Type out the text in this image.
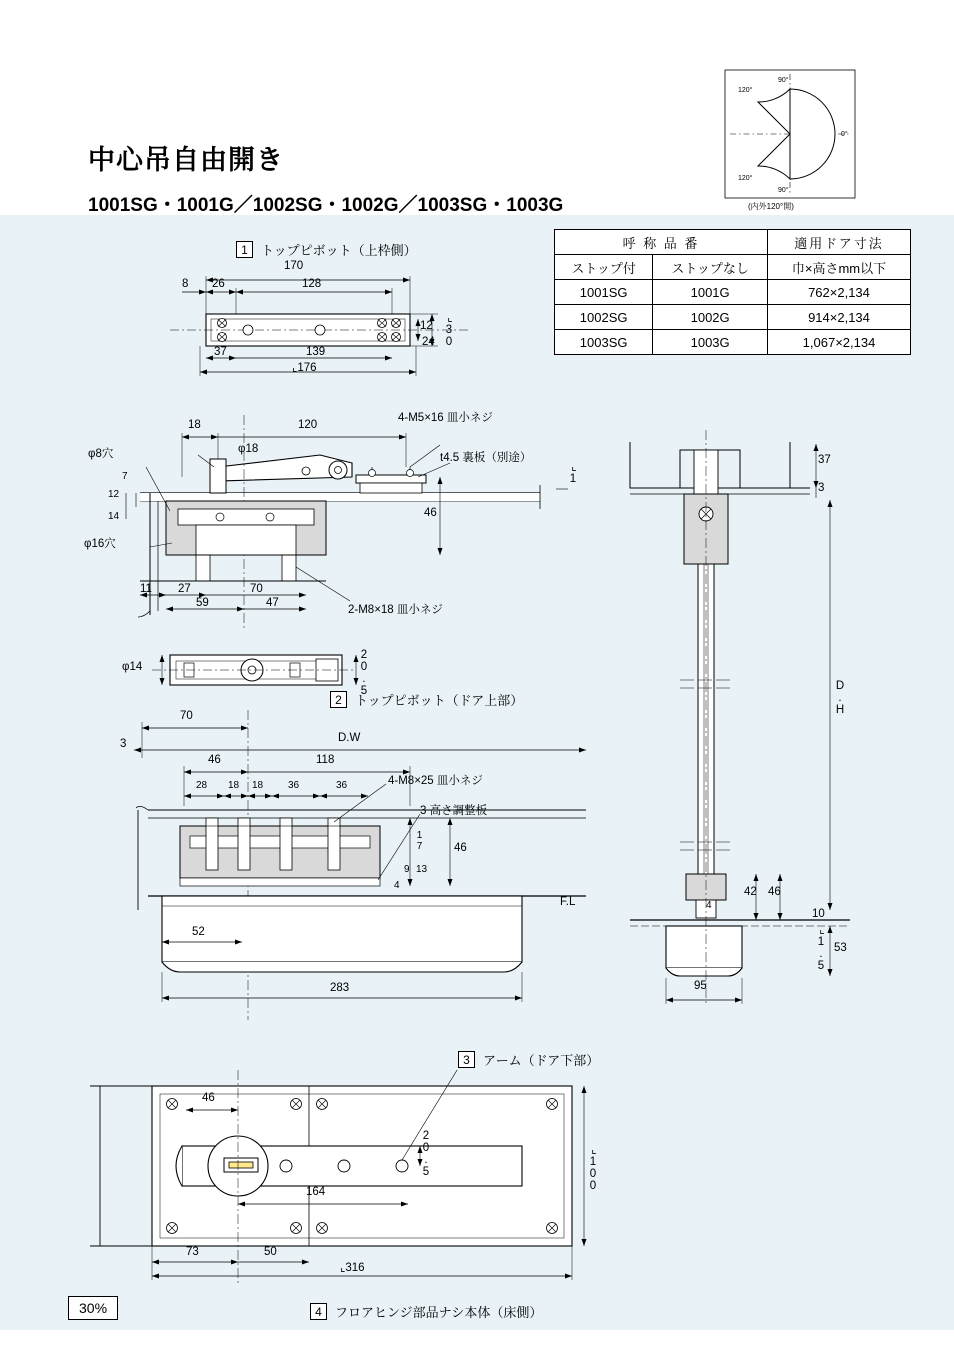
中心吊自由開き
1001SG・1001G／1002SG・1002G／1003SG・1003G
120°
90°
0°
90°
120°
(内外120°開)
呼 称 品 番		適用ドア寸法
ストップ付	ストップなし	巾×高さmm以下
1001SG	1001G	762×2,134
1002SG	1002G	914×2,134
1003SG	1003G	1,067×2,134
1	トップピボット（上枠側）
170
8 26	128
12
24 ⌞30
37	139
⌞176
18	120
φ18
φ8穴
φ16穴
7
12
14	46
11 27	70
59	47
2-M8×18 皿小ネジ
4-M5×16 皿小ネジ
t4.5 裏板（別途）
⌞1
φ14	20.5
2	トップピボット（ドア上部）
70
3	D.W
46	118
28 18 18 36	36	4-M8×25 皿小ネジ
3 高さ調整板
17
9 13
4
46
F.L
52
283
37
3
D.H
42 46
4
10
⌞1.5 53
95
3	アーム（ドア下部）
46
20.5
164	⌞100
73	50
⌞316
30%	4	フロアヒンジ部品ナシ本体（床側）
